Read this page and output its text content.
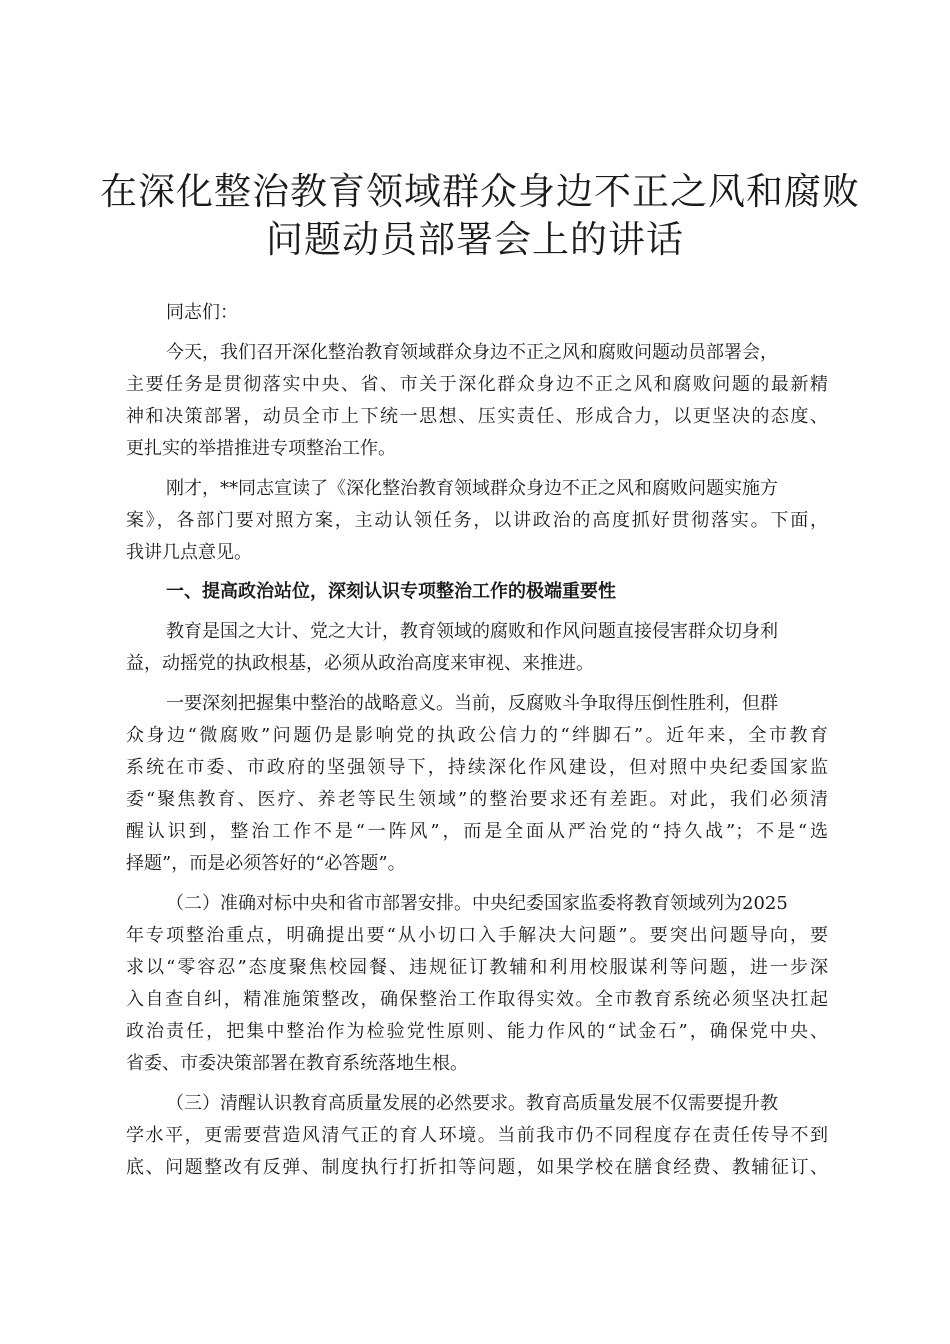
在深化整治教育领域群众身边不正之风和腐败
问题动员部署会上的讲话
同志们：
今天，我们召开深化整治教育领域群众身边不正之风和腐败问题动员部署会，
主要任务是贯彻落实中央、省、市关于深化群众身边不正之风和腐败问题的最新精
神和决策部署，动员全市上下统一思想、压实责任、形成合力，以更坚决的态度、
更扎实的举措推进专项整治工作。
刚才，**同志宣读了《深化整治教育领域群众身边不正之风和腐败问题实施方
案》，各部门要对照方案，主动认领任务，以讲政治的高度抓好贯彻落实。下面，
我讲几点意见。
一、提高政治站位，深刻认识专项整治工作的极端重要性
教育是国之大计、党之大计，教育领域的腐败和作风问题直接侵害群众切身利
益，动摇党的执政根基，必须从政治高度来审视、来推进。
一要深刻把握集中整治的战略意义。当前，反腐败斗争取得压倒性胜利，但群
众身边“微腐败”问题仍是影响党的执政公信力的“绊脚石”。近年来，全市教育
系统在市委、市政府的坚强领导下，持续深化作风建设，但对照中央纪委国家监
委“聚焦教育、医疗、养老等民生领域”的整治要求还有差距。对此，我们必须清
醒认识到，整治工作不是“一阵风”，而是全面从严治党的“持久战”；不是“选
择题”，而是必须答好的“必答题”。
（二）准确对标中央和省市部署安排。中央纪委国家监委将教育领域列为2025
年专项整治重点，明确提出要“从小切口入手解决大问题”。要突出问题导向，要
求以“零容忍”态度聚焦校园餐、违规征订教辅和利用校服谋利等问题，进一步深
入自查自纠，精准施策整改，确保整治工作取得实效。全市教育系统必须坚决扛起
政治责任，把集中整治作为检验党性原则、能力作风的“试金石”，确保党中央、
省委、市委决策部署在教育系统落地生根。
（三）清醒认识教育高质量发展的必然要求。教育高质量发展不仅需要提升教
学水平，更需要营造风清气正的育人环境。当前我市仍不同程度存在责任传导不到
底、问题整改有反弹、制度执行打折扣等问题，如果学校在膳食经费、教辅征订、
